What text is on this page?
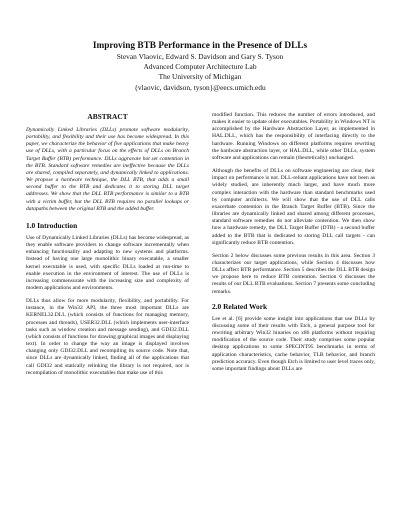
Improving BTB Performance in the Presence of DLLs
Stevan Vlaovic, Edward S. Davidson and Gary S. Tyson
Advanced Computer Architecture Lab
The University of Michigan
{vlaovic, davidson, tyson}@eecs.umich.edu
ABSTRACT

Dynamically Linked Libraries (DLLs) promote software modularity, portability, and flexibility and their use has become widespread. In this paper, we characterize the behavior of five applications that make heavy use of DLLs, with a particular focus on the effects of DLLs on Branch Target Buffer (BTB) performance. DLLs aggravate hot set contention in the BTB. Standard software remedies are ineffective because the DLLs are shared, compiled separately, and dynamically linked to applications. We propose a hardware technique, the DLL BTB, that adds a small second buffer to the BTB and dedicates it to storing DLL target addresses. We show that the DLL BTB performance is similar to a BTB with a victim buffer, but the DLL BTB requires no parallel lookups or datapaths between the original BTB and the added buffer.

1.0 Introduction

Use of Dynamically Linked Libraries (DLLs) has become widespread, as they enable software providers to change software incrementally when enhancing functionality and adapting to new systems and platforms. Instead of having one large monolithic binary executable, a smaller kernel executable is used, with specific DLLs loaded at run-time to enable execution in the environment of interest. The use of DLLs is increasing commensurate with the increasing size and complexity of modern applications and environments.

DLLs thus allow for more modularity, flexibility, and portability. For instance, in the Win32 API, the three most important DLLs are KERNEL32.DLL (which consists of functions for managing memory, processes and threads), USER32.DLL (which implements user-interface tasks such as window creation and message sending), and GDI32.DLL (which consists of functions for drawing graphical images and displaying text). In order to change the way an image is displayed involves changing only GDI32.DLL and recompiling its source code. Note that, since DLLs are dynamically linked, finding all of the applications that call GDI32 and statically relinking the library is not required, nor is recompilation of monolithic executables that make use of this

modified function. This reduces the number of errors introduced, and makes it easier to update older executables. Portability in Windows NT is accomplished by the Hardware Abstraction Layer, as implemented in HAL.DLL, which has the responsibility of interfacing directly to the hardware. Running Windows on different platforms requires rewriting the hardware abstraction layer, or HAL.DLL, while other DLLs, system software and applications can remain (theoretically) unchanged.

Although the benefits of DLLs on software engineering are clear, their impact on performance is not. DLL-reliant applications have not been as widely studied, are inherently much larger, and have much more complex interaction with the hardware than standard benchmarks used by computer architects. We will show that the use of DLL calls exacerbate contention in the Branch Target Buffer (BTB). Since the libraries are dynamically linked and shared among different processes, standard software remedies do not alleviate contention. We then show how a hardware remedy, the DLL Target Buffer (DTB) - a second buffer added to the BTB that is dedicated to storing DLL call targets - can significantly reduce BTB contention.

Section 2 below discusses some previous results in this area. Section 3 characterizes our target applications, while Section 4 discusses how DLLs affect BTB performance. Section 5 describes the DLL BTB design we propose here to reduce BTB contention. Section 6 discusses the results of our DLL BTB evaluations. Section 7 presents some concluding remarks.

2.0 Related Work

Lee et al. [6] provide some insight into applications that use DLLs by discussing some of their results with Etch, a general purpose tool for rewriting arbitrary Win32 binaries on x86 platforms without requiring modification of the source code. Their study comprises some popular desktop applications to some SPECINT95 benchmarks in terms of application characteristics, cache behavior, TLB behavior, and branch prediction accuracy. Even though Etch is limited to user level traces only, some important findings about DLLs are
